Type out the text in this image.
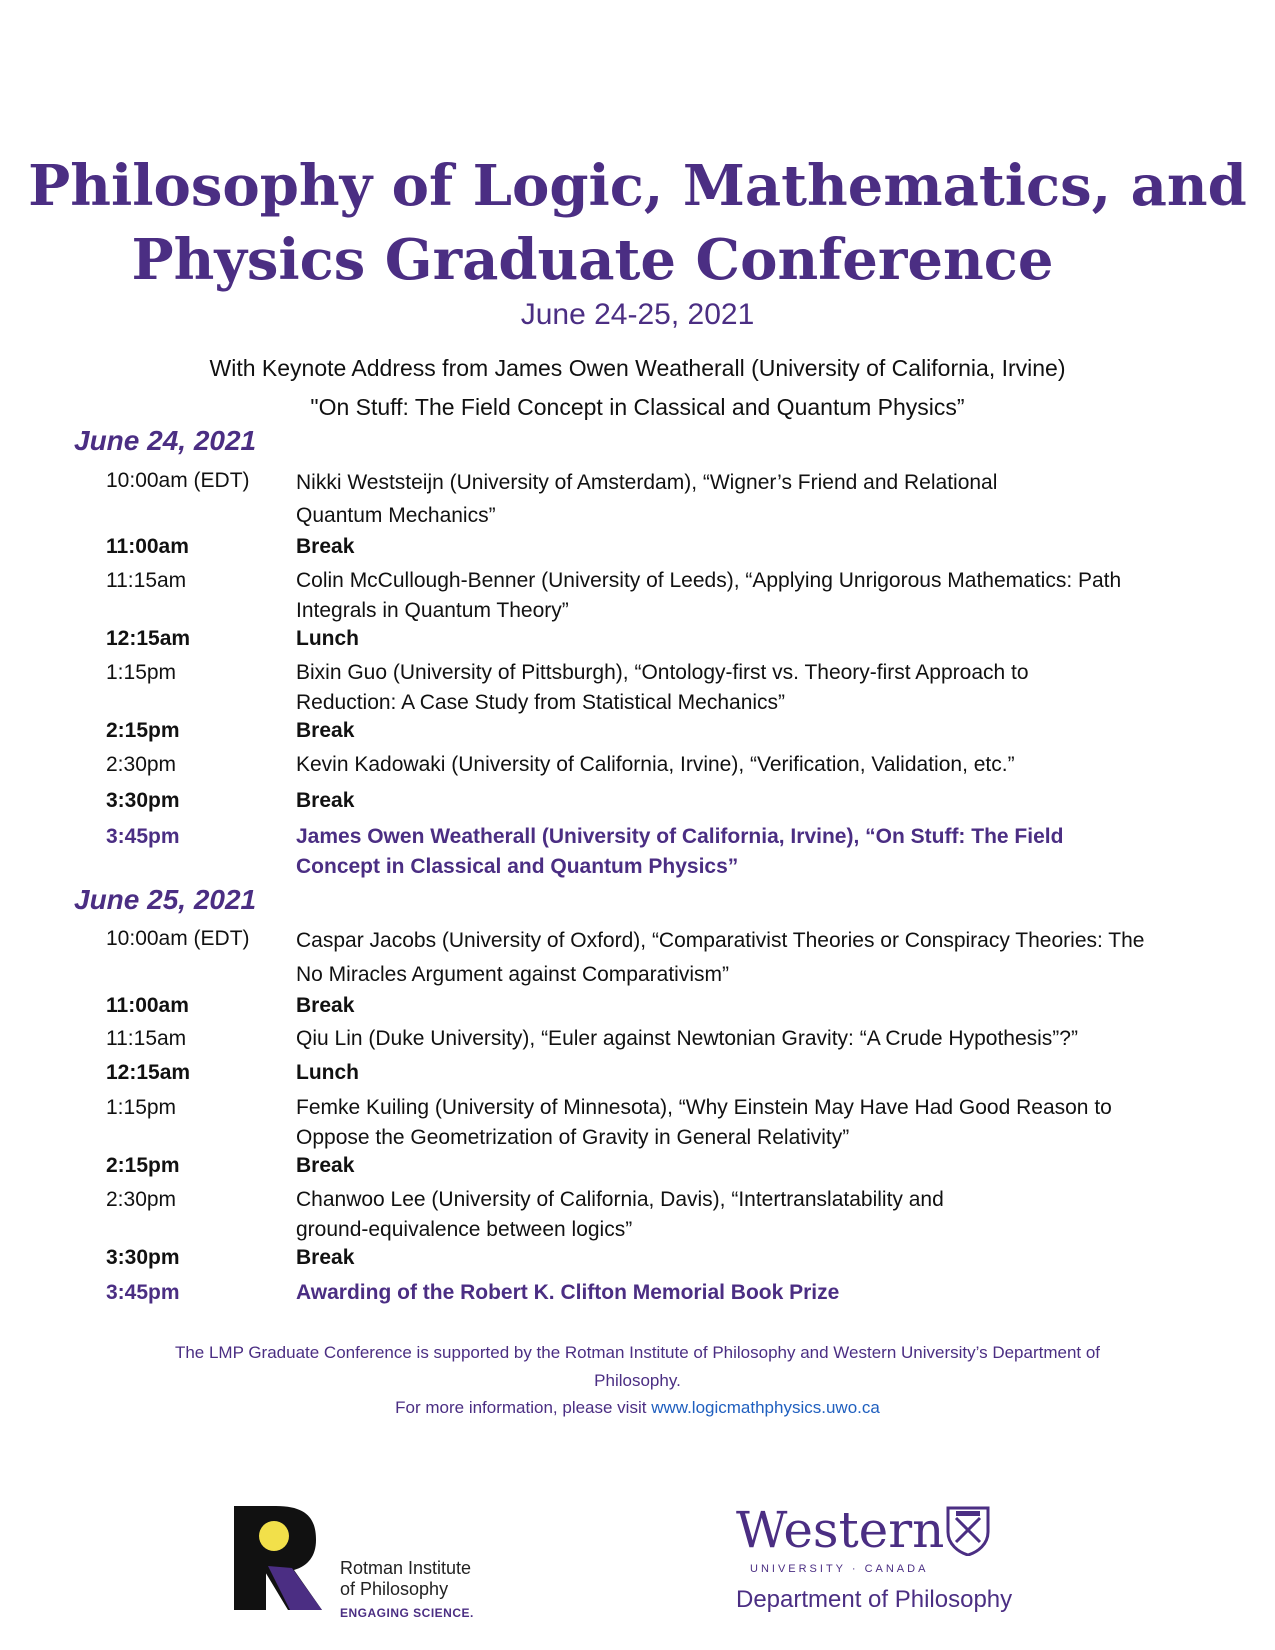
Philosophy of Logic, Mathematics, and
Physics Graduate Conference
June 24-25, 2021
With Keynote Address from James Owen Weatherall (University of California, Irvine)
"On Stuff: The Field Concept in Classical and Quantum Physics”
June 24, 2021
10:00am (EDT) Nikki Weststeijn (University of Amsterdam), “Wigner’s Friend and Relational Quantum Mechanics”
11:00am	Break
11:15am	Colin McCullough-Benner (University of Leeds), “Applying Unrigorous Mathematics: Path Integrals in Quantum Theory”
12:15am	Lunch
1:15pm	Bixin Guo (University of Pittsburgh), “Ontology-first vs. Theory-first Approach to Reduction: A Case Study from Statistical Mechanics”
2:15pm	Break
2:30pm	Kevin Kadowaki (University of California, Irvine), “Verification, Validation, etc.”
3:30pm	Break
3:45pm	James Owen Weatherall (University of California, Irvine), “On Stuff: The Field Concept in Classical and Quantum Physics”
June 25, 2021
10:00am (EDT) Caspar Jacobs (University of Oxford), “Comparativist Theories or Conspiracy Theories: The No Miracles Argument against Comparativism”
11:00am	Break
11:15am	Qiu Lin (Duke University), “Euler against Newtonian Gravity: “A Crude Hypothesis”?”
12:15am	Lunch
1:15pm	Femke Kuiling (University of Minnesota), “Why Einstein May Have Had Good Reason to Oppose the Geometrization of Gravity in General Relativity”
2:15pm	Break
2:30pm	Chanwoo Lee (University of California, Davis), “Intertranslatability and ground-equivalence between logics”
3:30pm	Break
3:45pm	Awarding of the Robert K. Clifton Memorial Book Prize
The LMP Graduate Conference is supported by the Rotman Institute of Philosophy and Western University’s Department of
Philosophy.
For more information, please visit www.logicmathphysics.uwo.ca
Rotman Institute
of Philosophy
ENGAGING SCIENCE.
Western
UNIVERSITY · CANADA
Department of Philosophy
